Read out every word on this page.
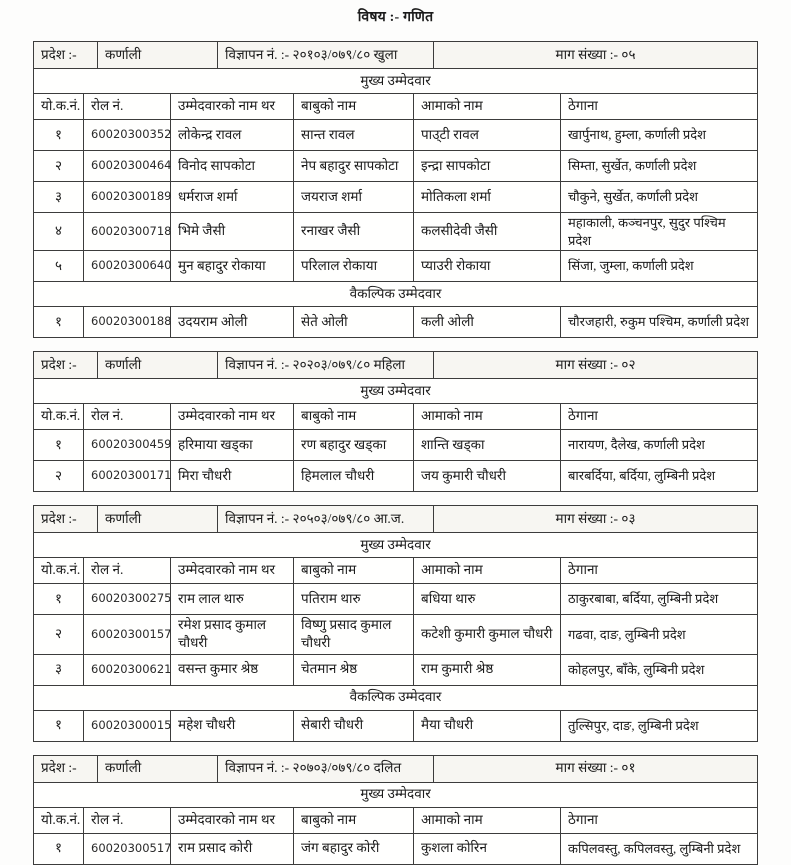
विषय :- गणित
प्रदेश :-	कर्णाली	विज्ञापन नं. :- २०१०३/०७९/८० खुला	माग संख्या :- ०५
मुख्य उम्मेदवार					
यो.क.नं.	रोल नं.	उम्मेदवारको नाम थर	बाबुको नाम	आमाको नाम	ठेगाना
१	60020300352	लोकेन्द्र रावल	सान्त रावल	पाउ्टी रावल	खार्पुनाथ, हुम्ला, कर्णाली प्रदेश
२	60020300464	विनोद सापकोटा	नेप बहादुर सापकोटा	इन्द्रा सापकोटा	सिम्ता, सुर्खेत, कर्णाली प्रदेश
३	60020300189	धर्मराज शर्मा	जयराज शर्मा	मोतिकला शर्मा	चौकुने, सुर्खेत, कर्णाली प्रदेश
४	60020300718	भिमे जैसी	रनाखर जैसी	कलसीदेवी जैसी	महाकाली, कञ्चनपुर, सुदुर पश्चिम प्रदेश
५	60020300640	मुन बहादुर रोकाया	परिलाल रोकाया	प्याउरी रोकाया	सिंजा, जुम्ला, कर्णाली प्रदेश
वैकल्पिक उम्मेदवार					
१	60020300188	उदयराम ओली	सेते ओली	कली ओली	चौरजहारी, रुकुम पश्चिम, कर्णाली प्रदेश
प्रदेश :-	कर्णाली	विज्ञापन नं. :- २०२०३/०७९/८० महिला	माग संख्या :- ०२
मुख्य उम्मेदवार					
यो.क.नं.	रोल नं.	उम्मेदवारको नाम थर	बाबुको नाम	आमाको नाम	ठेगाना
१	60020300459	हरिमाया खड्का	रण बहादुर खड्का	शान्ति खड्का	नारायण, दैलेख, कर्णाली प्रदेश
२	60020300171	मिरा चौधरी	हिमलाल चौधरी	जय कुमारी चौधरी	बारबर्दिया, बर्दिया, लुम्बिनी प्रदेश
प्रदेश :-	कर्णाली	विज्ञापन नं. :- २०५०३/०७९/८० आ.ज.	माग संख्या :- ०३
मुख्य उम्मेदवार					
यो.क.नं.	रोल नं.	उम्मेदवारको नाम थर	बाबुको नाम	आमाको नाम	ठेगाना
१	60020300275	राम लाल थारु	पतिराम थारु	बधिया थारु	ठाकुरबाबा, बर्दिया, लुम्बिनी प्रदेश
२	60020300157	रमेश प्रसाद कुमाल चौधरी	विष्णु प्रसाद कुमाल चौधरी	कटेशी कुमारी कुमाल चौधरी	गढवा, दाङ, लुम्बिनी प्रदेश
३	60020300621	वसन्त कुमार श्रेष्ठ	चेतमान श्रेष्ठ	राम कुमारी श्रेष्ठ	कोहलपुर, बाँके, लुम्बिनी प्रदेश
वैकल्पिक उम्मेदवार					
१	60020300015	महेश चौधरी	सेबारी चौधरी	मैया चौधरी	तुल्सिपुर, दाङ, लुम्बिनी प्रदेश
प्रदेश :-	कर्णाली	विज्ञापन नं. :- २०७०३/०७९/८० दलित	माग संख्या :- ०१
मुख्य उम्मेदवार					
यो.क.नं.	रोल नं.	उम्मेदवारको नाम थर	बाबुको नाम	आमाको नाम	ठेगाना
१	60020300517	राम प्रसाद कोरी	जंग बहादुर कोरी	कुशला कोरिन	कपिलवस्तु, कपिलवस्तु, लुम्बिनी प्रदेश
